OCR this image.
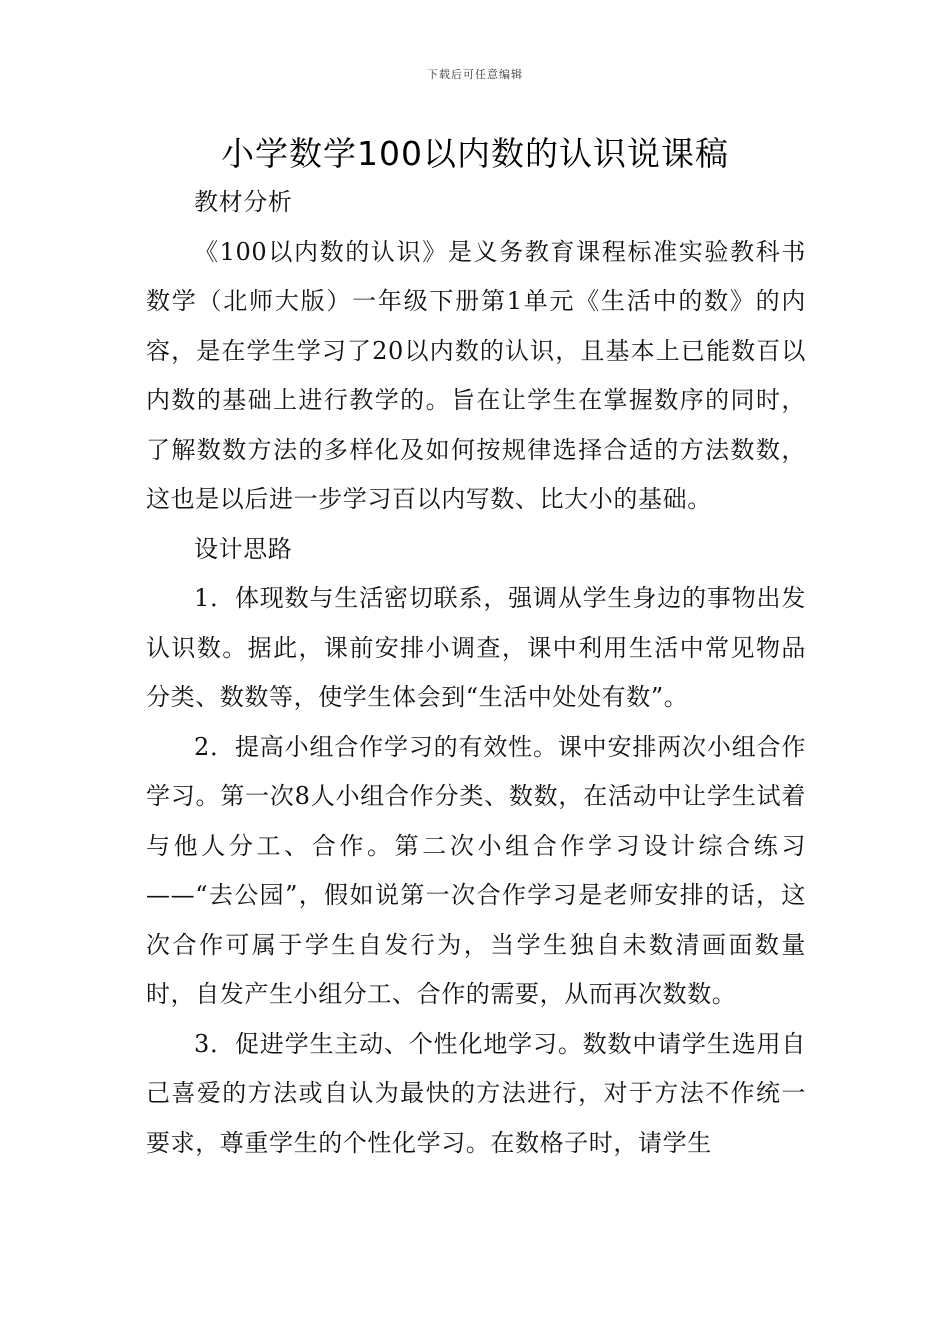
下载后可任意编辑
小学数学100以内数的认识说课稿

教材分析

《100以内数的认识》是义务教育课程标准实验教科书数学（北师大版）一年级下册第1单元《生活中的数》的内容，是在学生学习了20以内数的认识，且基本上已能数百以内数的基础上进行教学的。旨在让学生在掌握数序的同时，了解数数方法的多样化及如何按规律选择合适的方法数数，这也是以后进一步学习百以内写数、比大小的基础。

设计思路

1．体现数与生活密切联系，强调从学生身边的事物出发认识数。据此，课前安排小调查，课中利用生活中常见物品分类、数数等，使学生体会到“生活中处处有数”。

2．提高小组合作学习的有效性。课中安排两次小组合作学习。第一次8人小组合作分类、数数，在活动中让学生试着与他人分工、合作。第二次小组合作学习设计综合练习——“去公园”，假如说第一次合作学习是老师安排的话，这次合作可属于学生自发行为，当学生独自未数清画面数量时，自发产生小组分工、合作的需要，从而再次数数。

3．促进学生主动、个性化地学习。数数中请学生选用自己喜爱的方法或自认为最快的方法进行，对于方法不作统一要求，尊重学生的个性化学习。在数格子时，请学生
